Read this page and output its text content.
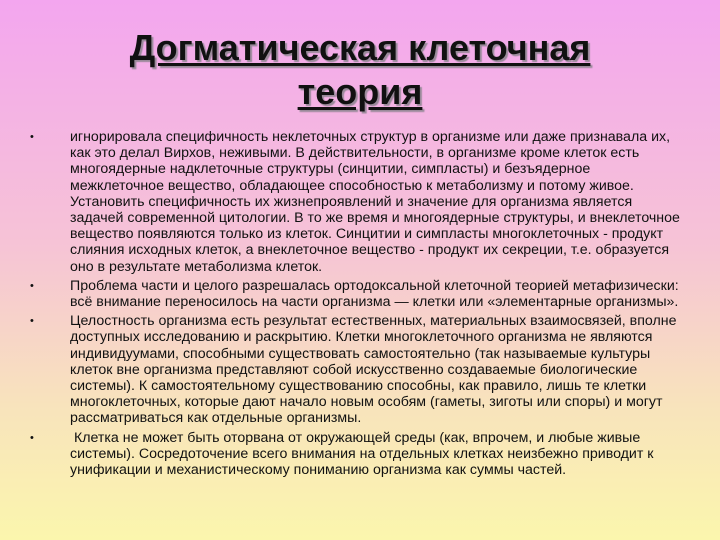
Догматическая клеточная
теория
•	игнорировала специфичность неклеточных структур в организме или даже признавала их, как это делал Вирхов, неживыми. В действительности, в организме кроме клеток есть многоядерные надклеточные структуры (синцитии, симпласты) и безъядерное межклеточное вещество, обладающее способностью к метаболизму и потому живое. Установить специфичность их жизнепроявлений и значение для организма является задачей современной цитологии. В то же время и многоядерные структуры, и внеклеточное вещество появляются только из клеток. Синцитии и симпласты многоклеточных - продукт слияния исходных клеток, а внеклеточное вещество - продукт их секреции, т.е. образуется оно в результате метаболизма клеток.
•	Проблема части и целого разрешалась ортодоксальной клеточной теорией метафизически: всё внимание переносилось на части организма — клетки или «элементарные организмы».
•	Целостность организма есть результат естественных, материальных взаимосвязей, вполне доступных исследованию и раскрытию. Клетки многоклеточного организма не являются индивидуумами, способными существовать самостоятельно (так называемые культуры клеток вне организма представляют собой искусственно создаваемые биологические системы). К самостоятельному существованию способны, как правило, лишь те клетки многоклеточных, которые дают начало новым особям (гаметы, зиготы или споры) и могут рассматриваться как отдельные организмы.
•	Клетка не может быть оторвана от окружающей среды (как, впрочем, и любые живые системы). Сосредоточение всего внимания на отдельных клетках неизбежно приводит к унификации и механистическому пониманию организма как суммы частей.
